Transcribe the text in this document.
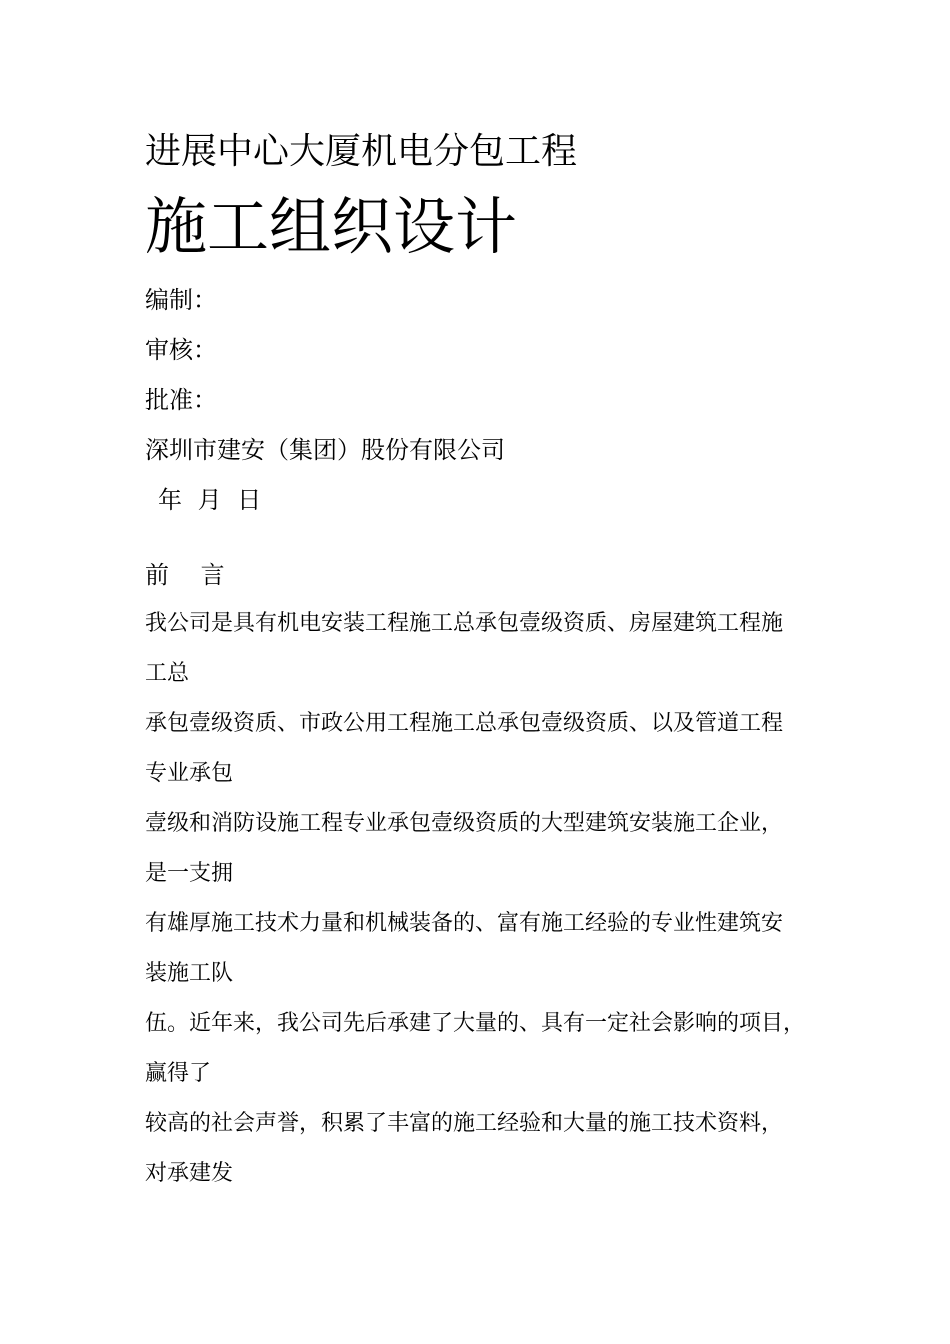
进展中心大厦机电分包工程
施工组织设计
编制：
审核：
批准：
深圳市建安（集团）股份有限公司
年 月 日
前 言
我公司是具有机电安装工程施工总承包壹级资质、房屋建筑工程施
工总
承包壹级资质、市政公用工程施工总承包壹级资质、以及管道工程
专业承包
壹级和消防设施工程专业承包壹级资质的大型建筑安装施工企业，
是一支拥
有雄厚施工技术力量和机械装备的、富有施工经验的专业性建筑安
装施工队
伍。近年来，我公司先后承建了大量的、具有一定社会影响的项目，
赢得了
较高的社会声誉，积累了丰富的施工经验和大量的施工技术资料，
对承建发
